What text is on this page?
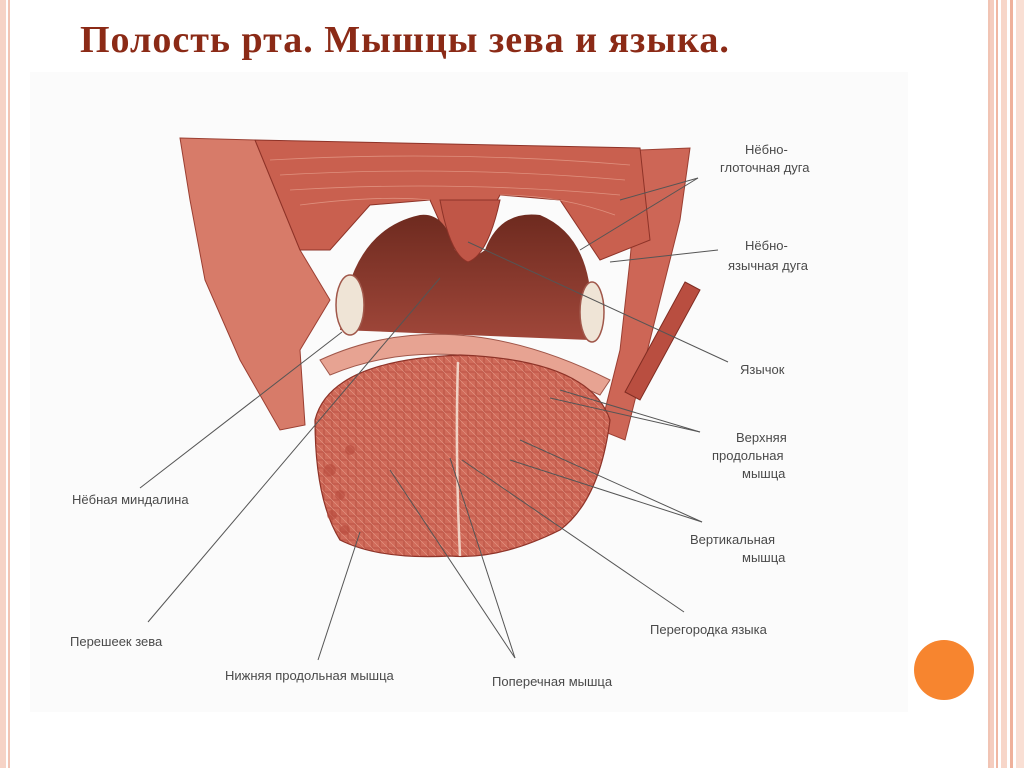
Полость рта. Мышцы зева и языка.
Нёбно-
глоточная дуга
Нёбно-
язычная дуга
Язычок
Верхняя
продольная
мышца
Вертикальная
мышца
Перегородка языка
Нёбная миндалина
Перешеек зева
Нижняя продольная мышца	Поперечная мышца
